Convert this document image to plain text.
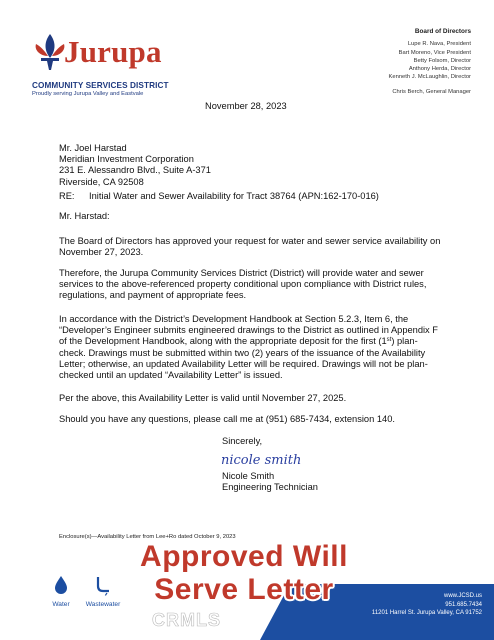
Jurupa
COMMUNITY SERVICES DISTRICT
Proudly serving Jurupa Valley and Eastvale
Board of Directors
Lupe R. Nava, President
Bart Moreno, Vice President
Betty Folsom, Director
Anthony Herda, Director
Kenneth J. McLaughlin, Director
Chris Berch, General Manager
November 28, 2023
Mr. Joel Harstad
Meridian Investment Corporation
231 E. Alessandro Blvd., Suite A-371
Riverside, CA 92508
RE: Initial Water and Sewer Availability for Tract 38764 (APN:162-170-016)
Mr. Harstad:
The Board of Directors has approved your request for water and sewer service availability on November 27, 2023.
Therefore, the Jurupa Community Services District (District) will provide water and sewer services to the above-referenced property conditional upon compliance with District rules, regulations, and payment of appropriate fees.
In accordance with the District’s Development Handbook at Section 5.2.3, Item 6, the “Developer’s Engineer submits engineered drawings to the District as outlined in Appendix F of the Development Handbook, along with the appropriate deposit for the first (1st) plan-check. Drawings must be submitted within two (2) years of the issuance of the Availability Letter; otherwise, an updated Availability Letter will be required. Drawings will not be plan-checked until an updated “Availability Letter” is issued.
Per the above, this Availability Letter is valid until November 27, 2025.
Should you have any questions, please call me at (951) 685-7434, extension 140.
Sincerely,
nicole smith
Nicole Smith
Engineering Technician
Enclosure(s)—Availability Letter from Lee+Ro dated October 9, 2023
Water	Wastewater
www.JCSD.us
951.685.7434
11201 Harrel St. Jurupa Valley, CA 91752
Approved Will
Serve Letter
CRMLS
